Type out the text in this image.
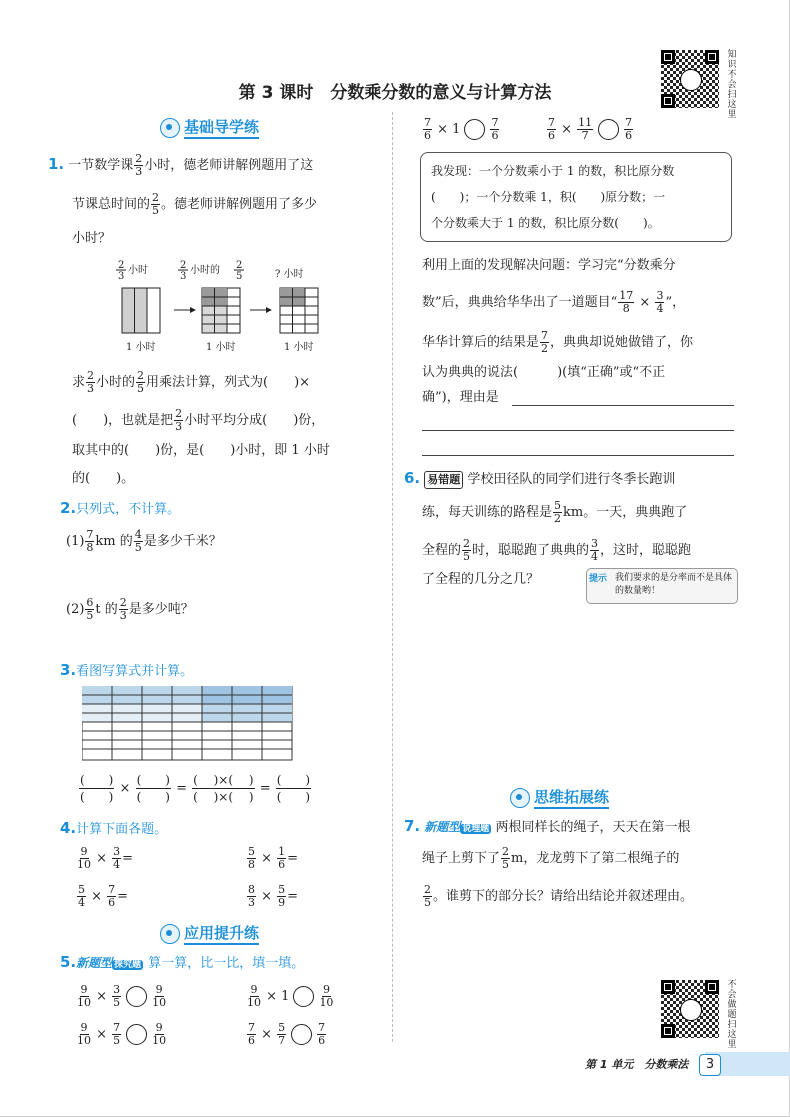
第 3 课时　分数乘分数的意义与计算方法
知
识
不
会
扫
这
里
基础导学练
1. 一节数学课 $\frac{2}{3}$ 小时，德老师讲解例题用了这
节课总时间的 $\frac{2}{5}$ 。德老师讲解例题用了多少
小时？
2
3
小时	2
3
小时的 2
5	? 小时
1 小时	1 小时	1 小时
求 $\frac{2}{3}$ 小时的 $\frac{2}{5}$ 用乘法计算，列式为(　　)×
(　　)，也就是把 $\frac{2}{3}$ 小时平均分成(　　)份，
取其中的(　　)份，是(　　)小时，即 1 小时
的(　　)。
2.只列式，不计算。
$(1) \frac{7}{8}$ km 的 $\frac{4}{5}$ 是多少千米？
$(2) \frac{6}{5}$ t 的 $\frac{2}{3}$ 是多少吨？
3.看图写算式并计算。
$\frac{( )}{( )} \times \frac{( )}{( )} = \frac{( )\times( )}{( )\times( )} = \frac{( )}{( )}$
4.计算下面各题。
$\frac{9}{10} \times \frac{3}{4}$ =	$\frac{5}{8} \times \frac{1}{6}$ =
$\frac{5}{4} \times \frac{7}{6}$ =	$\frac{8}{3} \times \frac{5}{9}$ =
应用提升练
5.新题型 探究题 算一算，比一比，填一填。
$\frac{9}{10} \times \frac{3}{5}$	$\frac{9}{10}$	$\frac{9}{10} \times 1$	$\frac{9}{10}$
$\frac{9}{10} \times \frac{7}{5}$	$\frac{9}{10}$	$\frac{7}{6} \times \frac{5}{7}$	$\frac{7}{6}$
$\frac{7}{6} \times 1$	$\frac{7}{6}$	$\frac{7}{6} \times \frac{11}{7}$	$\frac{7}{6}$
我发现：一个分数乘小于 1 的数，积比原分数
(　　)；一个分数乘 1，积(　　)原分数；一
个分数乘大于 1 的数，积比原分数(　　)。
利用上面的发现解决问题：学习完“分数乘分
数”后，典典给华华出了一道题目“ $\frac{17}{8} \times \frac{3}{4}$ ”，
华华计算后的结果是 $\frac{7}{2}$ ，典典却说她做错了，你
认为典典的说法(　　　)(填“正确”或“不正
确”)，理由是
6. 易错题 学校田径队的同学们进行冬季长跑训
练，每天训练的路程是 $\frac{5}{2}$ km。一天，典典跑了
全程的 $\frac{2}{5}$ 时，聪聪跑了典典的 $\frac{3}{4}$ ，这时，聪聪跑
了全程的几分之几？	提示 我们要求的是分率而不是具体的数量哟！
思维拓展练
7. 新题型 说理题 两根同样长的绳子，天天在第一根
绳子上剪下了 $\frac{2}{5}$ m，龙龙剪下了第二根绳子的
$\frac{2}{5}$ 。谁剪下的部分长？请给出结论并叙述理由。
不
会
做
题
扫
这
里
第 1 单元　分数乘法	3
